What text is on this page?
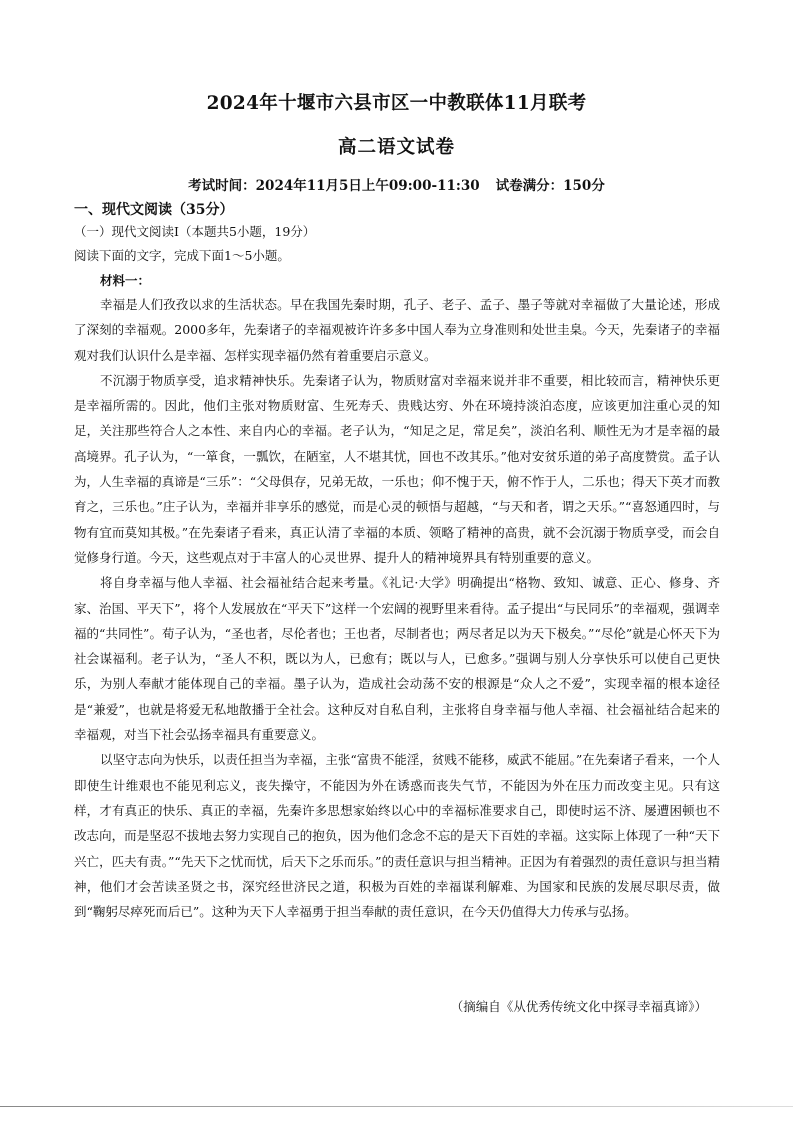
2024年十堰市六县市区一中教联体11月联考
高二语文试卷
考试时间：2024年11月5日上午09:00-11:30 试卷满分：150分
一、现代文阅读（35分）
（一）现代文阅读Ⅰ（本题共5小题，19分）
阅读下面的文字，完成下面1～5小题。
材料一：

幸福是人们孜孜以求的生活状态。早在我国先秦时期，孔子、老子、孟子、墨子等就对幸福做了大量论述，形成了深刻的幸福观。2000多年，先秦诸子的幸福观被许许多多中国人奉为立身准则和处世圭臬。今天，先秦诸子的幸福观对我们认识什么是幸福、怎样实现幸福仍然有着重要启示意义。

不沉溺于物质享受，追求精神快乐。先秦诸子认为，物质财富对幸福来说并非不重要，相比较而言，精神快乐更是幸福所需的。因此，他们主张对物质财富、生死寿夭、贵贱达穷、外在环境持淡泊态度，应该更加注重心灵的知足，关注那些符合人之本性、来自内心的幸福。老子认为，“知足之足，常足矣”，淡泊名利、顺性无为才是幸福的最高境界。孔子认为，“一箪食，一瓢饮，在陋室，人不堪其忧，回也不改其乐。”他对安贫乐道的弟子高度赞赏。孟子认为，人生幸福的真谛是“三乐”：“父母俱存，兄弟无故，一乐也；仰不愧于天，俯不怍于人，二乐也；得天下英才而教育之，三乐也。”庄子认为，幸福并非享乐的感觉，而是心灵的顿悟与超越，“与天和者，谓之天乐。”“喜怒通四时，与物有宜而莫知其极。”在先秦诸子看来，真正认清了幸福的本质、领略了精神的高贵，就不会沉溺于物质享受，而会自觉修身行道。今天，这些观点对于丰富人的心灵世界、提升人的精神境界具有特别重要的意义。

将自身幸福与他人幸福、社会福祉结合起来考量。《礼记·大学》明确提出“格物、致知、诚意、正心、修身、齐家、治国、平天下”，将个人发展放在“平天下”这样一个宏阔的视野里来看待。孟子提出“与民同乐”的幸福观，强调幸福的“共同性”。荀子认为，“圣也者，尽伦者也；王也者，尽制者也；两尽者足以为天下极矣。”“尽伦”就是心怀天下为社会谋福利。老子认为，“圣人不积，既以为人，已愈有；既以与人，已愈多。”强调与别人分享快乐可以使自己更快乐，为别人奉献才能体现自己的幸福。墨子认为，造成社会动荡不安的根源是“众人之不爱”，实现幸福的根本途径是“兼爱”，也就是将爱无私地散播于全社会。这种反对自私自利，主张将自身幸福与他人幸福、社会福祉结合起来的幸福观，对当下社会弘扬幸福具有重要意义。

以坚守志向为快乐，以责任担当为幸福，主张“富贵不能淫，贫贱不能移，威武不能屈。”在先秦诸子看来，一个人即使生计维艰也不能见利忘义，丧失操守，不能因为外在诱惑而丧失气节，不能因为外在压力而改变主见。只有这样，才有真正的快乐、真正的幸福，先秦许多思想家始终以心中的幸福标准要求自己，即使时运不济、屡遭困顿也不改志向，而是坚忍不拔地去努力实现自己的抱负，因为他们念念不忘的是天下百姓的幸福。这实际上体现了一种“天下兴亡，匹夫有责。”“先天下之忧而忧，后天下之乐而乐。”的责任意识与担当精神。正因为有着强烈的责任意识与担当精神，他们才会苦读圣贤之书，深究经世济民之道，积极为百姓的幸福谋利解难、为国家和民族的发展尽职尽责，做到“鞠躬尽瘁死而后已”。这种为天下人幸福勇于担当奉献的责任意识，在今天仍值得大力传承与弘扬。

（摘编自《从优秀传统文化中探寻幸福真谛》）
